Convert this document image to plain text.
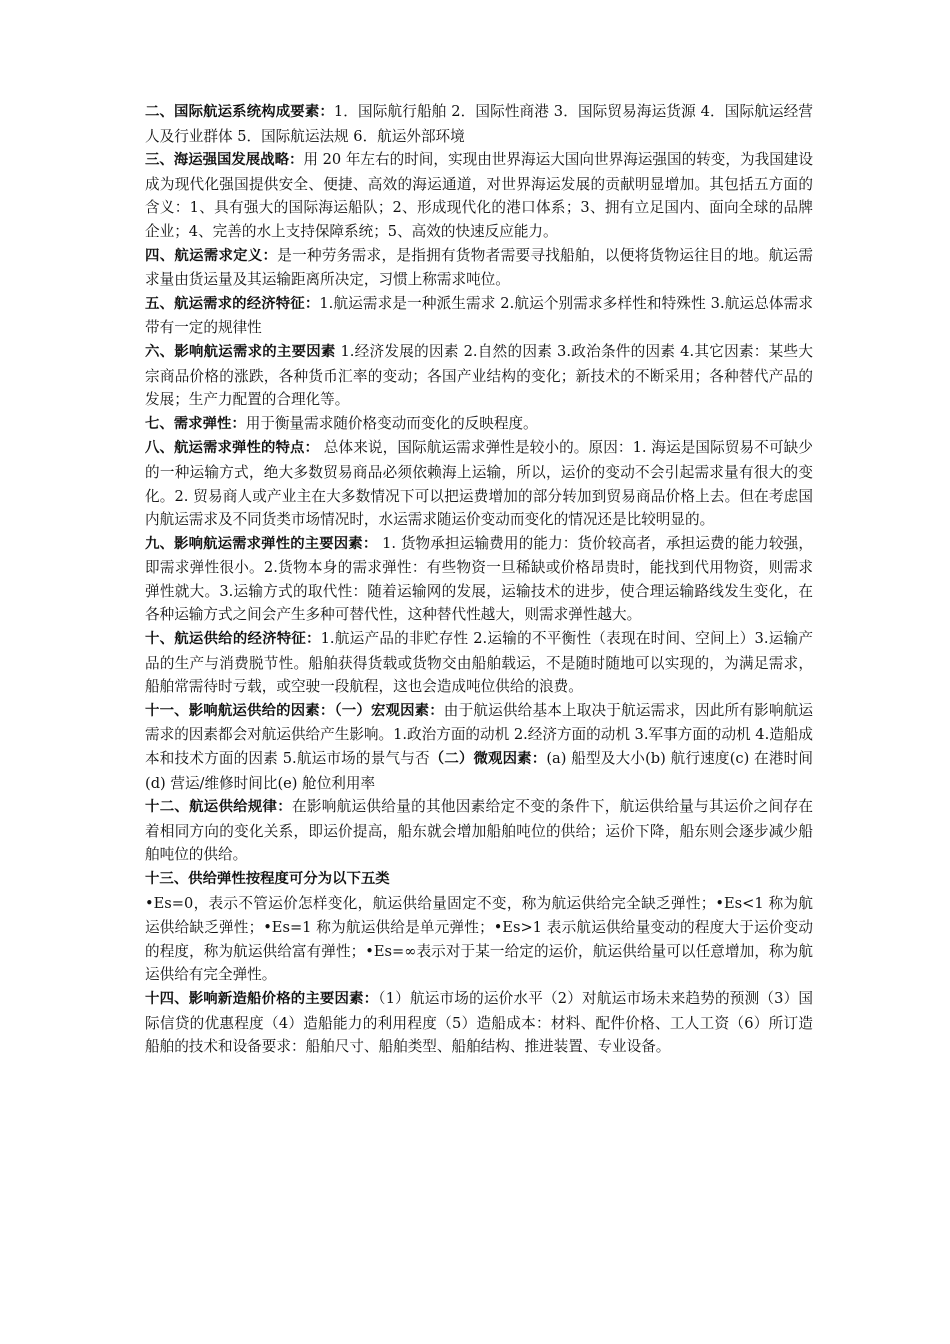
二、国际航运系统构成要素：1．国际航行船舶 2．国际性商港 3．国际贸易海运货源 4．国际航运经营人及行业群体 5．国际航运法规 6．航运外部环境

三、海运强国发展战略：用 20 年左右的时间，实现由世界海运大国向世界海运强国的转变，为我国建设成为现代化强国提供安全、便捷、高效的海运通道，对世界海运发展的贡献明显增加。其包括五方面的含义：1、具有强大的国际海运船队；2、形成现代化的港口体系；3、拥有立足国内、面向全球的品牌企业；4、完善的水上支持保障系统；5、高效的快速反应能力。

四、航运需求定义：是一种劳务需求，是指拥有货物者需要寻找船舶，以便将货物运往目的地。航运需求量由货运量及其运输距离所决定，习惯上称需求吨位。

五、航运需求的经济特征：1.航运需求是一种派生需求 2.航运个别需求多样性和特殊性 3.航运总体需求带有一定的规律性

六、影响航运需求的主要因素 1.经济发展的因素 2.自然的因素 3.政治条件的因素 4.其它因素：某些大宗商品价格的涨跌，各种货币汇率的变动；各国产业结构的变化；新技术的不断采用；各种替代产品的发展；生产力配置的合理化等。

七、需求弹性：用于衡量需求随价格变动而变化的反映程度。

八、航运需求弹性的特点： 总体来说，国际航运需求弹性是较小的。原因：1. 海运是国际贸易不可缺少的一种运输方式，绝大多数贸易商品必须依赖海上运输，所以，运价的变动不会引起需求量有很大的变化。2. 贸易商人或产业主在大多数情况下可以把运费增加的部分转加到贸易商品价格上去。但在考虑国内航运需求及不同货类市场情况时，水运需求随运价变动而变化的情况还是比较明显的。

九、影响航运需求弹性的主要因素： 1. 货物承担运输费用的能力：货价较高者，承担运费的能力较强，即需求弹性很小。2.货物本身的需求弹性：有些物资一旦稀缺或价格昂贵时，能找到代用物资，则需求弹性就大。3.运输方式的取代性：随着运输网的发展，运输技术的进步，使合理运输路线发生变化，在各种运输方式之间会产生多种可替代性，这种替代性越大，则需求弹性越大。

十、航运供给的经济特征：1.航运产品的非贮存性 2.运输的不平衡性（表现在时间、空间上）3.运输产品的生产与消费脱节性。船舶获得货载或货物交由船舶载运，不是随时随地可以实现的，为满足需求，船舶常需待时亏载，或空驶一段航程，这也会造成吨位供给的浪费。

十一、影响航运供给的因素：（一）宏观因素：由于航运供给基本上取决于航运需求，因此所有影响航运需求的因素都会对航运供给产生影响。1.政治方面的动机 2.经济方面的动机 3.军事方面的动机 4.造船成本和技术方面的因素 5.航运市场的景气与否（二）微观因素：(a) 船型及大小(b) 航行速度(c) 在港时间(d) 营运/维修时间比(e) 舱位利用率

十二、航运供给规律：在影响航运供给量的其他因素给定不变的条件下，航运供给量与其运价之间存在着相同方向的变化关系，即运价提高，船东就会增加船舶吨位的供给；运价下降，船东则会逐步减少船舶吨位的供给。

十三、供给弹性按程度可分为以下五类

•Es=0，表示不管运价怎样变化，航运供给量固定不变，称为航运供给完全缺乏弹性；•Es<1 称为航运供给缺乏弹性；•Es=1 称为航运供给是单元弹性；•Es>1 表示航运供给量变动的程度大于运价变动的程度，称为航运供给富有弹性；•Es=∞表示对于某一给定的运价，航运供给量可以任意增加，称为航运供给有完全弹性。

十四、影响新造船价格的主要因素：（1）航运市场的运价水平（2）对航运市场未来趋势的预测（3）国际信贷的优惠程度（4）造船能力的利用程度（5）造船成本：材料、配件价格、工人工资（6）所订造船舶的技术和设备要求：船舶尺寸、船舶类型、船舶结构、推进装置、专业设备。
